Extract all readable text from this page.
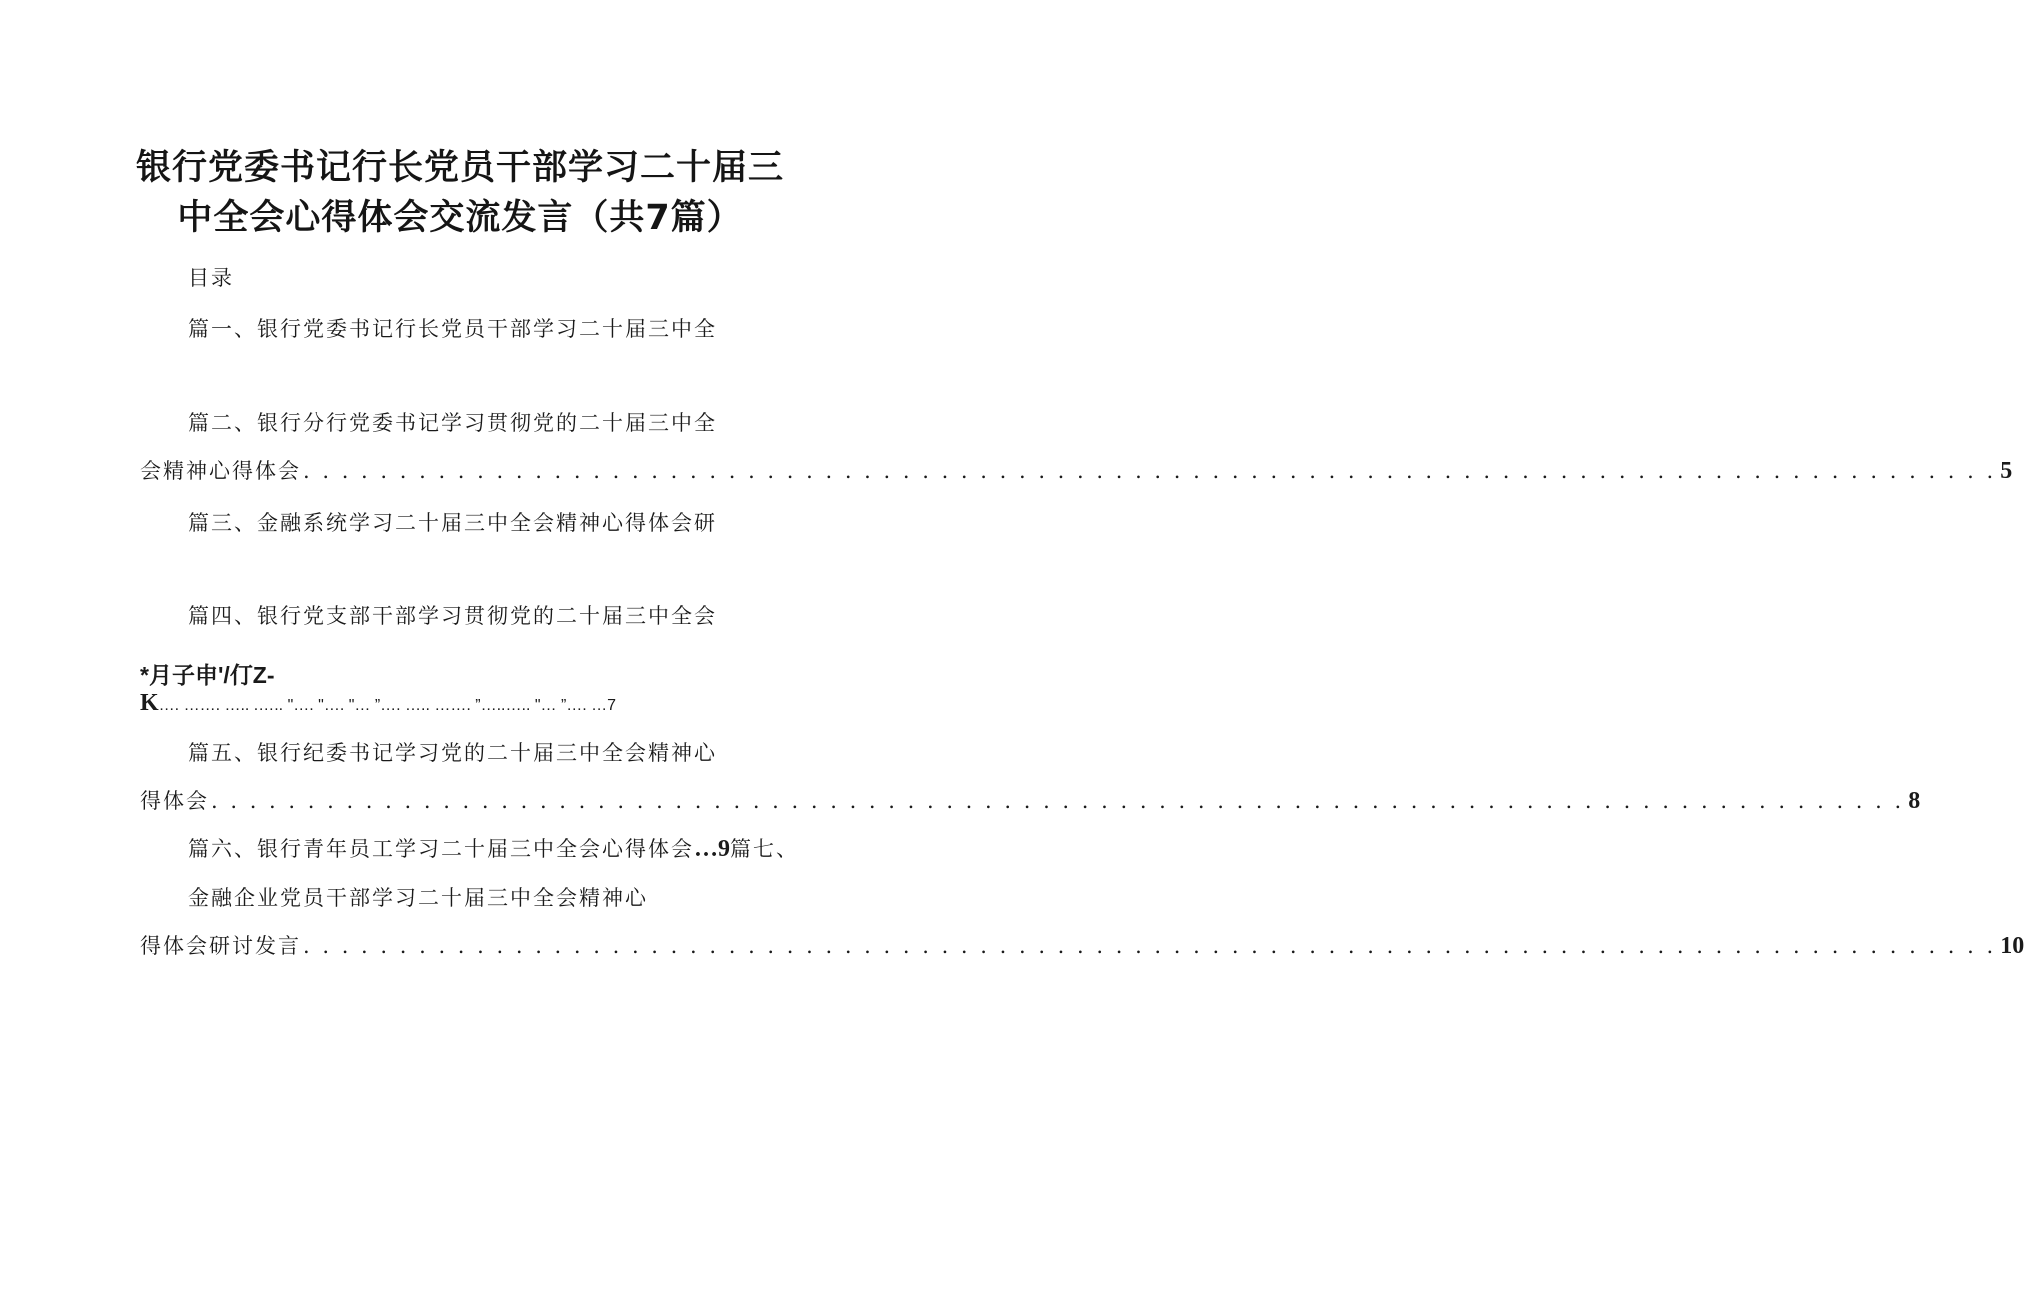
银行党委书记行长党员干部学习二十届三
中全会心得体会交流发言（共7篇）
目录
篇一、银行党委书记行长党员干部学习二十届三中全
篇二、银行分行党委书记学习贯彻党的二十届三中全
会精神心得体会 . . . . . . . . . . . . . . . . . . . . . . . . . . . . . . . . . . . . . . . . . . . . . . . . . . . . . . . . . . . . . . . . . . . . . . . . . . . . . . . . . . . . . . . . 5
篇三、金融系统学习二十届三中全会精神心得体会研
篇四、银行党支部干部学习贯彻党的二十届三中全会
*月子申'/仃Z-
K…. ……. ….. .….. "…. "…. "… ”…. ….. ……. ”…..….. "… ”…. …7
篇五、银行纪委书记学习党的二十届三中全会精神心
得体会 . . . . . . . . . . . . . . . . . . . . . . . . . . . . . . . . . . . . . . . . . . . . . . . . . . . . . . . . . . . . . . . . . . . . . . . . . . . . . . . . . . . . . . . . 8
篇六、银行青年员工学习二十届三中全会心得体会…9篇七、
金融企业党员干部学习二十届三中全会精神心
得体会研讨发言 . . . . . . . . . . . . . . . . . . . . . . . . . . . . . . . . . . . . . . . . . . . . . . . . . . . . . . . . . . . . . . . . . . . . . . . . . . . . . . . . . . . . . . . . 10
